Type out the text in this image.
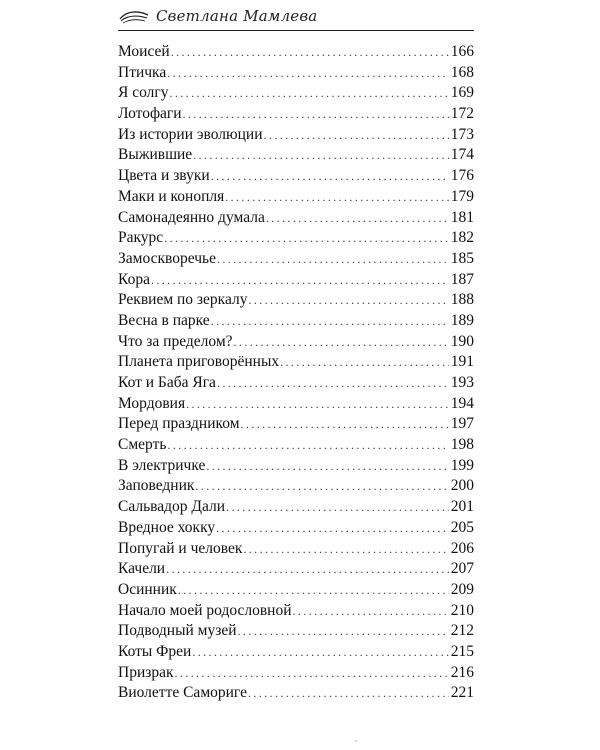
Светлана Мамлева
Моисей .....	166
Птичка .....	168
Я солгу .....	169
Лотофаги .....	172
Из истории эволюции .....	173
Выжившие .....	174
Цвета и звуки .....	176
Маки и конопля .....	179
Самонадеянно думала .....	181
Ракурс .....	182
Замоскворечье .....	185
Кора .....	187
Реквием по зеркалу .....	188
Весна в парке .....	189
Что за пределом? .....	190
Планета приговорённых .....	191
Кот и Баба Яга .....	193
Мордовия .....	194
Перед праздником .....	197
Смерть .....	198
В электричке .....	199
Заповедник .....	200
Сальвадор Дали .....	201
Вредное хокку .....	205
Попугай и человек .....	206
Качели .....	207
Осинник .....	209
Начало моей родословной .....	210
Подводный музей .....	212
Коты Фреи .....	215
Призрак .....	216
Виолетте Самориге .....	221
